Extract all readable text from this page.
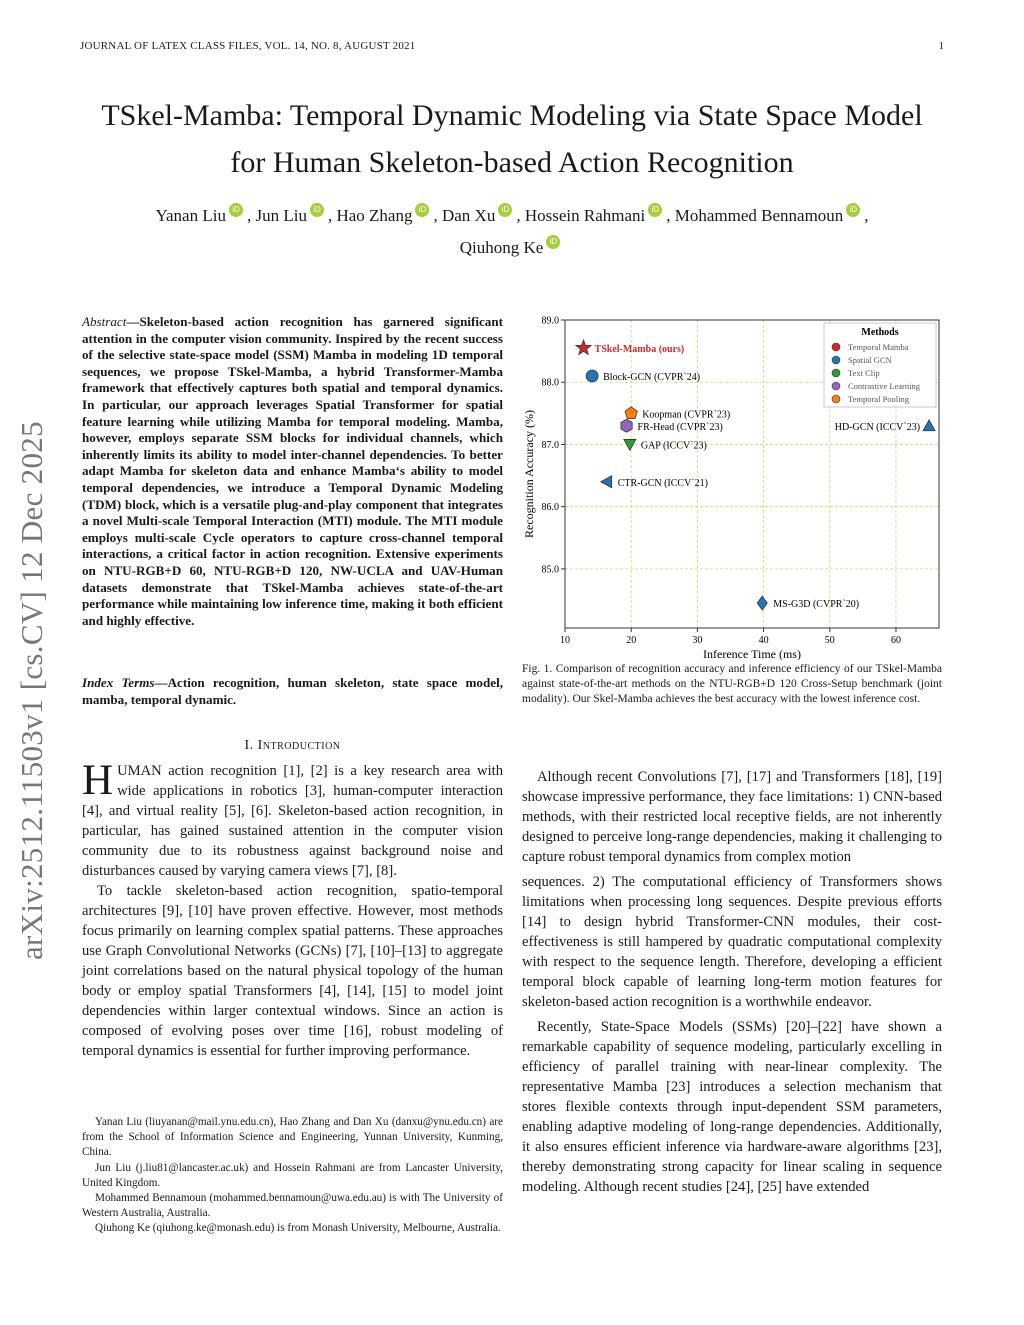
JOURNAL OF LATEX CLASS FILES, VOL. 14, NO. 8, AUGUST 2021	1
TSkel-Mamba: Temporal Dynamic Modeling via State Space Model
for Human Skeleton-based Action Recognition
Yanan Liu iD , Jun Liu iD , Hao Zhang iD , Dan Xu iD , Hossein Rahmani iD , Mohammed Bennamoun iD ,
Qiuhong Ke iD
arXiv:2512.11503v1 [cs.CV] 12 Dec 2025
Abstract—Skeleton-based action recognition has garnered significant attention in the computer vision community. Inspired by the recent success of the selective state-space model (SSM) Mamba in modeling 1D temporal sequences, we propose TSkel-Mamba, a hybrid Transformer-Mamba framework that effectively captures both spatial and temporal dynamics. In particular, our approach leverages Spatial Transformer for spatial feature learning while utilizing Mamba for temporal modeling. Mamba, however, employs separate SSM blocks for individual channels, which inherently limits its ability to model inter-channel dependencies. To better adapt Mamba for skeleton data and enhance Mamba‘s ability to model temporal dependencies, we introduce a Temporal Dynamic Modeling (TDM) block, which is a versatile plug-and-play component that integrates a novel Multi-scale Temporal Interaction (MTI) module. The MTI module employs multi-scale Cycle operators to capture cross-channel temporal interactions, a critical factor in action recognition. Extensive experiments on NTU-RGB+D 60, NTU-RGB+D 120, NW-UCLA and UAV-Human datasets demonstrate that TSkel-Mamba achieves state-of-the-art performance while maintaining low inference time, making it both efficient and highly effective.
Index Terms—Action recognition, human skeleton, state space model, mamba, temporal dynamic.
I. Introduction

HUMAN action recognition [1], [2] is a key research area with wide applications in robotics [3], human-computer interaction [4], and virtual reality [5], [6]. Skeleton-based action recognition, in particular, has gained sustained attention in the computer vision community due to its robustness against background noise and disturbances caused by varying camera views [7], [8].

To tackle skeleton-based action recognition, spatio-temporal architectures [9], [10] have proven effective. However, most methods focus primarily on learning complex spatial patterns. These approaches use Graph Convolutional Networks (GCNs) [7], [10]–[13] to aggregate joint correlations based on the natural physical topology of the human body or employ spatial Transformers [4], [14], [15] to model joint dependencies within larger contextual windows. Since an action is composed of evolving poses over time [16], robust modeling of temporal dynamics is essential for further improving performance.

Yanan Liu (liuyanan@mail.ynu.edu.cn), Hao Zhang and Dan Xu (danxu@ynu.edu.cn) are from the School of Information Science and Engineering, Yunnan University, Kunming, China.

Jun Liu (j.liu81@lancaster.ac.uk) and Hossein Rahmani are from Lancaster University, United Kingdom.

Mohammed Bennamoun (mohammed.bennamoun@uwa.edu.au) is with The University of Western Australia, Australia.

Qiuhong Ke (qiuhong.ke@monash.edu) is from Monash University, Melbourne, Australia.

10	20	30	40	50	60
85.0
86.0
87.0
88.0
89.0
Inference Time (ms)
Recognition Accuracy (%)
TSkel-Mamba (ours)
Block-GCN (CVPR`24)
Koopman (CVPR`23)
FR-Head (CVPR`23)
GAP (ICCV`23)
HD-GCN (ICCV`23)
CTR-GCN (ICCV`21)
MS-G3D (CVPR`20)
Methods
Temporal Mamba
Spatial GCN
Text Clip
Contrastive Learning
Temporal Pooling
Fig. 1. Comparison of recognition accuracy and inference efficiency of our TSkel-Mamba against state-of-the-art methods on the NTU-RGB+D 120 Cross-Setup benchmark (joint modality). Our Skel-Mamba achieves the best accuracy with the lowest inference cost.

Although recent Convolutions [7], [17] and Transformers [18], [19] showcase impressive performance, they face limitations: 1) CNN-based methods, with their restricted local receptive fields, are not inherently designed to perceive long-range dependencies, making it challenging to capture robust temporal dynamics from complex motion

sequences. 2) The computational efficiency of Transformers shows limitations when processing long sequences. Despite previous efforts [14] to design hybrid Transformer-CNN modules, their cost-effectiveness is still hampered by quadratic computational complexity with respect to the sequence length. Therefore, developing a efficient temporal block capable of learning long-term motion features for skeleton-based action recognition is a worthwhile endeavor.

Recently, State-Space Models (SSMs) [20]–[22] have shown a remarkable capability of sequence modeling, particularly excelling in efficiency of parallel training with near-linear complexity. The representative Mamba [23] introduces a selection mechanism that stores flexible contexts through input-dependent SSM parameters, enabling adaptive modeling of long-range dependencies. Additionally, it also ensures efficient inference via hardware-aware algorithms [23], thereby demonstrating strong capacity for linear scaling in sequence modeling. Although recent studies [24], [25] have extended
